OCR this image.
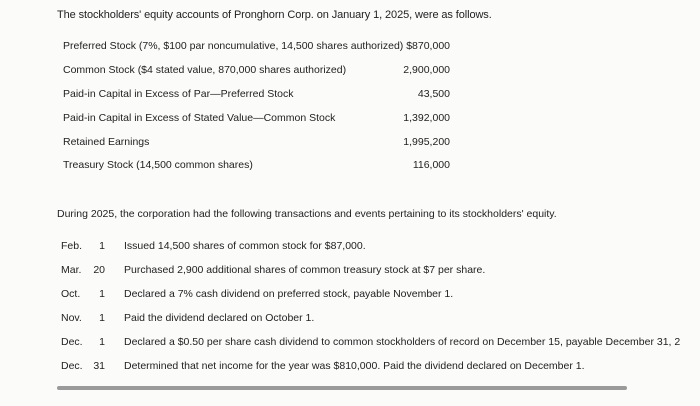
The stockholders' equity accounts of Pronghorn Corp. on January 1, 2025, were as follows.
Preferred Stock (7%, $100 par noncumulative, 14,500 shares authorized) $870,000
Common Stock ($4 stated value, 870,000 shares authorized)	2,900,000
Paid-in Capital in Excess of Par—Preferred Stock	43,500
Paid-in Capital in Excess of Stated Value—Common Stock	1,392,000
Retained Earnings	1,995,200
Treasury Stock (14,500 common shares)	116,000
During 2025, the corporation had the following transactions and events pertaining to its stockholders' equity.
Feb. 1 Issued 14,500 shares of common stock for $87,000.
Mar. 20 Purchased 2,900 additional shares of common treasury stock at $7 per share.
Oct. 1 Declared a 7% cash dividend on preferred stock, payable November 1.
Nov. 1 Paid the dividend declared on October 1.
Dec. 1 Declared a $0.50 per share cash dividend to common stockholders of record on December 15, payable December 31, 2
Dec. 31 Determined that net income for the year was $810,000. Paid the dividend declared on December 1.
